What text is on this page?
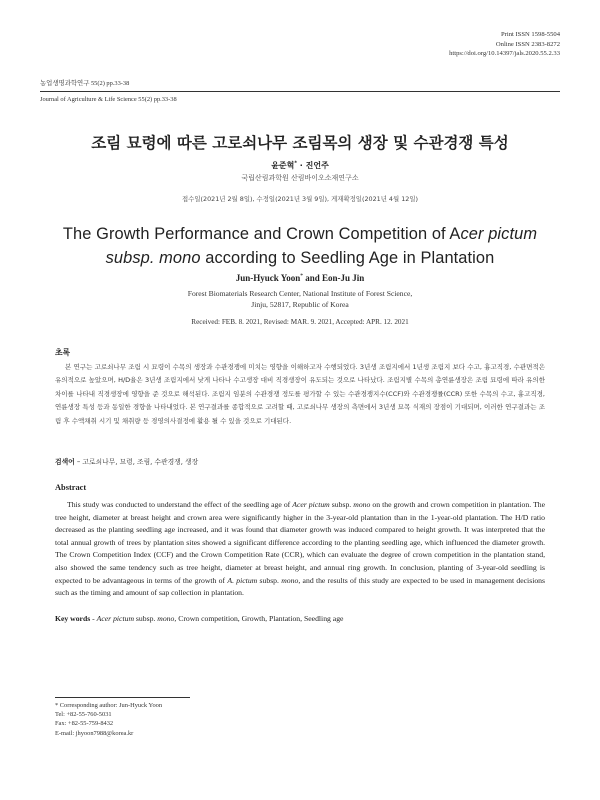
Print ISSN 1598-5504
Online ISSN 2383-8272
https://doi.org/10.14397/jals.2020.55.2.33
농업생명과학연구 55(2) pp.33-38
Journal of Agriculture & Life Science 55(2) pp.33-38
조림 묘령에 따른 고로쇠나무 조림목의 생장 및 수관경쟁 특성
윤준혁* · 진언주
국립산림과학원 산림바이오소재연구소
접수일(2021년 2월 8일), 수정일(2021년 3월 9일), 게재확정일(2021년 4월 12일)
The Growth Performance and Crown Competition of Acer pictum
subsp. mono according to Seedling Age in Plantation
Jun-Hyuck Yoon* and Eon-Ju Jin
Forest Biomaterials Research Center, National Institute of Forest Science,
Jinju, 52817, Republic of Korea
Received: FEB. 8. 2021, Revised: MAR. 9. 2021, Accepted: APR. 12. 2021
초록

본 연구는 고로쇠나무 조림 시 묘령이 수목의 생장과 수관경쟁에 미치는 영향을 이해하고자 수행되었다. 3년생 조림지에서 1년생 조림지 보다 수고, 흉고직경, 수관면적은 유의적으로 높았으며, H/D율은 3년생 조림지에서 낮게 나타나 수고생장 대비 직경생장이 유도되는 것으로 나타났다. 조림지별 수목의 총연륜생장은 조림 묘령에 따라 유의한 차이를 나타내 직경생장에 영향을 준 것으로 해석된다. 조림지 임분의 수관경쟁 정도를 평가할 수 있는 수관경쟁지수(CCF)와 수관경쟁률(CCR) 또한 수목의 수고, 흉고직경, 연륜생장 특성 등과 동일한 경향을 나타내었다. 본 연구결과를 종합적으로 고려할 때, 고로쇠나무 생장의 측면에서 3년생 묘목 식재의 장점이 기대되며, 이러한 연구결과는 조림 후 수액채취 시기 및 채취량 등 경영의사결정에 활용 될 수 있을 것으로 기대된다.

검색어 – 고로쇠나무, 묘령, 조림, 수관경쟁, 생장
Abstract

This study was conducted to understand the effect of the seedling age of Acer pictum subsp. mono on the growth and crown competition in plantation. The tree height, diameter at breast height and crown area were significantly higher in the 3-year-old plantation than in the 1-year-old plantation. The H/D ratio decreased as the planting seedling age increased, and it was found that diameter growth was induced compared to height growth. It was interpreted that the total annual growth of trees by plantation sites showed a significant difference according to the planting seedling age, which influenced the diameter growth. The Crown Competition Index (CCF) and the Crown Competition Rate (CCR), which can evaluate the degree of crown competition in the plantation stand, also showed the same tendency such as tree height, diameter at breast height, and annual ring growth. In conclusion, planting of 3-year-old seedling is expected to be advantageous in terms of the growth of A. pictum subsp. mono, and the results of this study are expected to be used in management decisions such as the timing and amount of sap collection in plantation.

Key words - Acer pictum subsp. mono, Crown competition, Growth, Plantation, Seedling age
* Corresponding author: Jun-Hyuck Yoon
Tel: +82-55-760-5031
Fax: +82-55-759-8432
E-mail: jhyoon7988@korea.kr
